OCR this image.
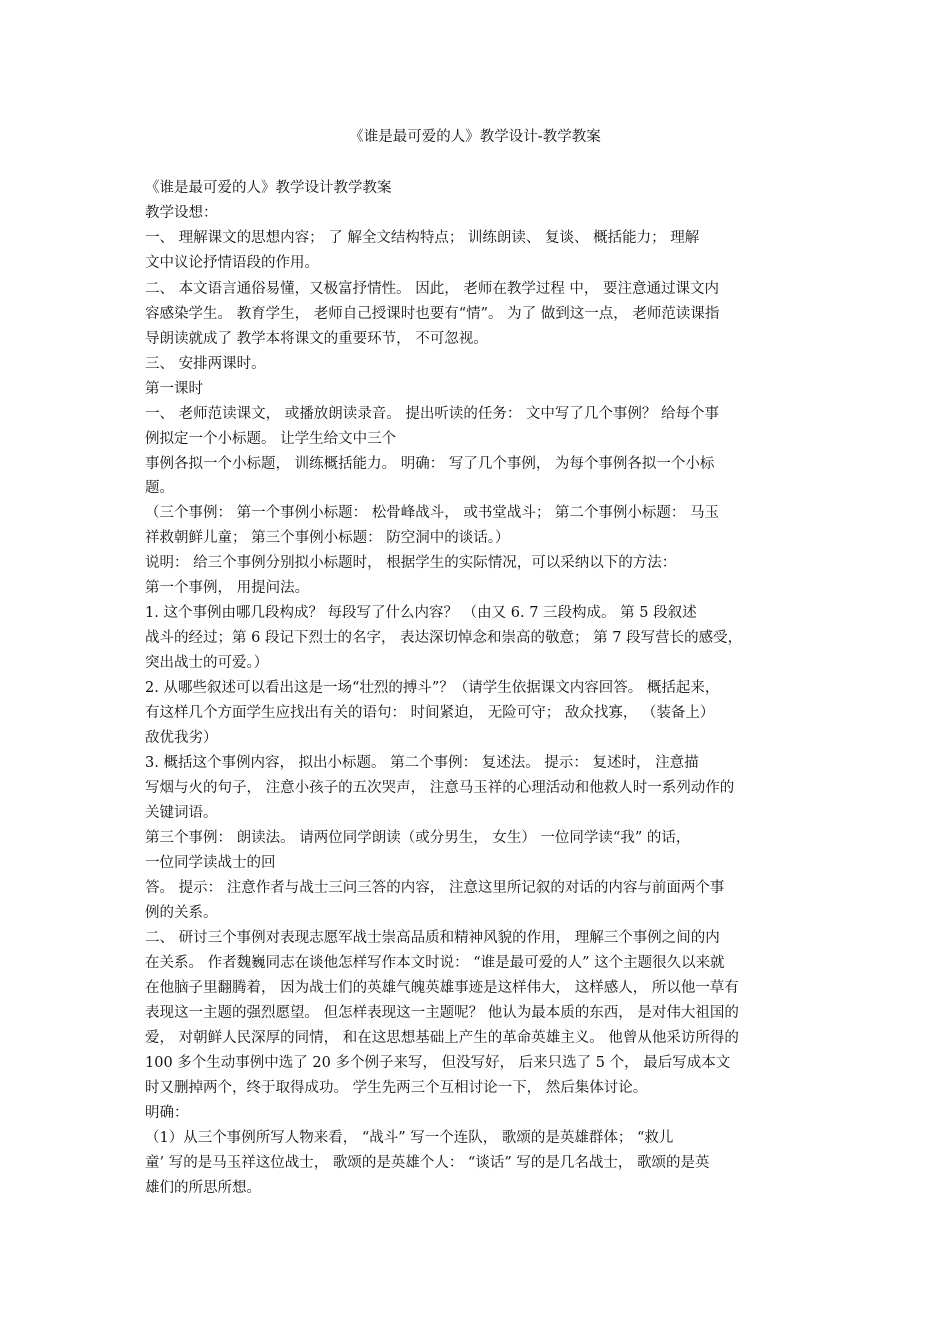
《谁是最可爱的人》教学设计-教学教案
《谁是最可爱的人》教学设计教学教案
教学设想：
一、 理解课文的思想内容； 了 解全文结构特点； 训练朗读、 复谈、 概括能力； 理解
文中议论抒情语段的作用。
二、 本文语言通俗易懂，又极富抒情性。 因此， 老师在教学过程 中， 要注意通过课文内
容感染学生。 教育学生， 老师自己授课时也要有“情”。 为了 做到这一点， 老师范读课指
导朗读就成了 教学本将课文的重要环节， 不可忽视。
三、 安排两课时。
第一课时
一、 老师范读课文， 或播放朗读录音。 提出听读的任务： 文中写了几个事例？ 给每个事
例拟定一个小标题。 让学生给文中三个
事例各拟一个小标题， 训练概括能力。 明确： 写了几个事例， 为每个事例各拟一个小标
题。
（三个事例： 第一个事例小标题： 松骨峰战斗， 或书堂战斗； 第二个事例小标题： 马玉
祥救朝鲜儿童； 第三个事例小标题： 防空洞中的谈话。）
说明： 给三个事例分别拟小标题时， 根据学生的实际情况，可以采纳以下的方法：
第一个事例， 用提问法。
1. 这个事例由哪几段构成？ 每段写了什么内容？ （由又 6. 7 三段构成。 第 5 段叙述
战斗的经过；第 6 段记下烈士的名字， 表达深切悼念和崇高的敬意； 第 7 段写营长的感受，
突出战士的可爱。）
2. 从哪些叙述可以看出这是一场“壮烈的搏斗”？（请学生依据课文内容回答。 概括起来，
有这样几个方面学生应找出有关的语句： 时间紧迫， 无险可守； 敌众找寡， （装备上）
敌优我劣）
3. 概括这个事例内容， 拟出小标题。 第二个事例： 复述法。 提示： 复述时， 注意描
写烟与火的句子， 注意小孩子的五次哭声， 注意马玉祥的心理活动和他救人时一系列动作的
关键词语。
第三个事例： 朗读法。 请两位同学朗读（或分男生， 女生） 一位同学读“我” 的话，
一位同学读战士的回
答。 提示： 注意作者与战士三问三答的内容， 注意这里所记叙的对话的内容与前面两个事
例的关系。
二、 研讨三个事例对表现志愿军战士崇高品质和精神风貌的作用， 理解三个事例之间的内
在关系。 作者魏巍同志在谈他怎样写作本文时说： “谁是最可爱的人” 这个主题很久以来就
在他脑子里翻腾着， 因为战士们的英雄气魄英雄事迹是这样伟大， 这样感人， 所以他一草有
表现这一主题的强烈愿望。 但怎样表现这一主题呢？ 他认为最本质的东西， 是对伟大祖国的
爱， 对朝鲜人民深厚的同情， 和在这思想基础上产生的革命英雄主义。 他曾从他采访所得的
100 多个生动事例中选了 20 多个例子来写， 但没写好， 后来只选了 5 个， 最后写成本文
时又删掉两个，终于取得成功。 学生先两三个互相讨论一下， 然后集体讨论。
明确：
（1）从三个事例所写人物来看， “战斗” 写一个连队， 歌颂的是英雄群体； “救儿
童’ 写的是马玉祥这位战士， 歌颂的是英雄个人： “谈话” 写的是几名战士， 歌颂的是英
雄们的所思所想。
